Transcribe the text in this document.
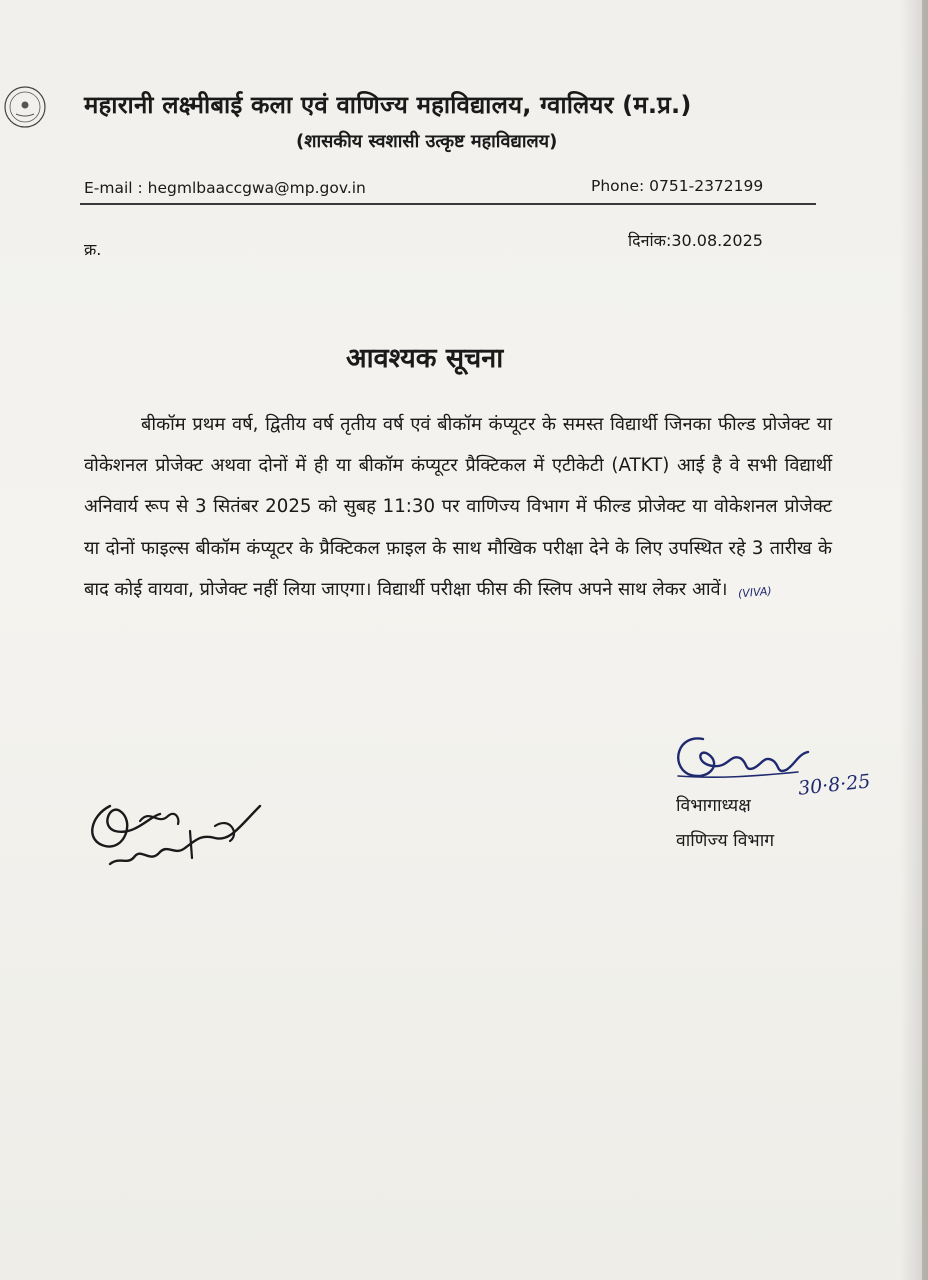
महारानी लक्ष्मीबाई कला एवं वाणिज्य महाविद्यालय, ग्वालियर (म.प्र.)
(शासकीय स्वशासी उत्कृष्ट महाविद्यालय)
E-mail : hegmlbaaccgwa@mp.gov.in	Phone: 0751-2372199
क्र.	दिनांक:30.08.2025
आवश्यक सूचना
बीकॉम प्रथम वर्ष, द्वितीय वर्ष तृतीय वर्ष एवं बीकॉम कंप्यूटर के समस्त विद्यार्थी जिनका फील्ड प्रोजेक्ट या वोकेशनल प्रोजेक्ट अथवा दोनों में ही या बीकॉम कंप्यूटर प्रैक्टिकल में एटीकेटी (ATKT) आई है वे सभी विद्यार्थी अनिवार्य रूप से 3 सितंबर 2025 को सुबह 11:30 पर वाणिज्य विभाग में फील्ड प्रोजेक्ट या वोकेशनल प्रोजेक्ट या दोनों फाइल्स बीकॉम कंप्यूटर के प्रैक्टिकल फ़ाइल के साथ मौखिक परीक्षा देने के लिए उपस्थित रहे 3 तारीख के बाद कोई वायवा, प्रोजेक्ट नहीं लिया जाएगा। विद्यार्थी परीक्षा फीस की स्लिप अपने साथ लेकर आवें। (VIVA)
30·8·25
विभागाध्यक्ष
वाणिज्य विभाग
